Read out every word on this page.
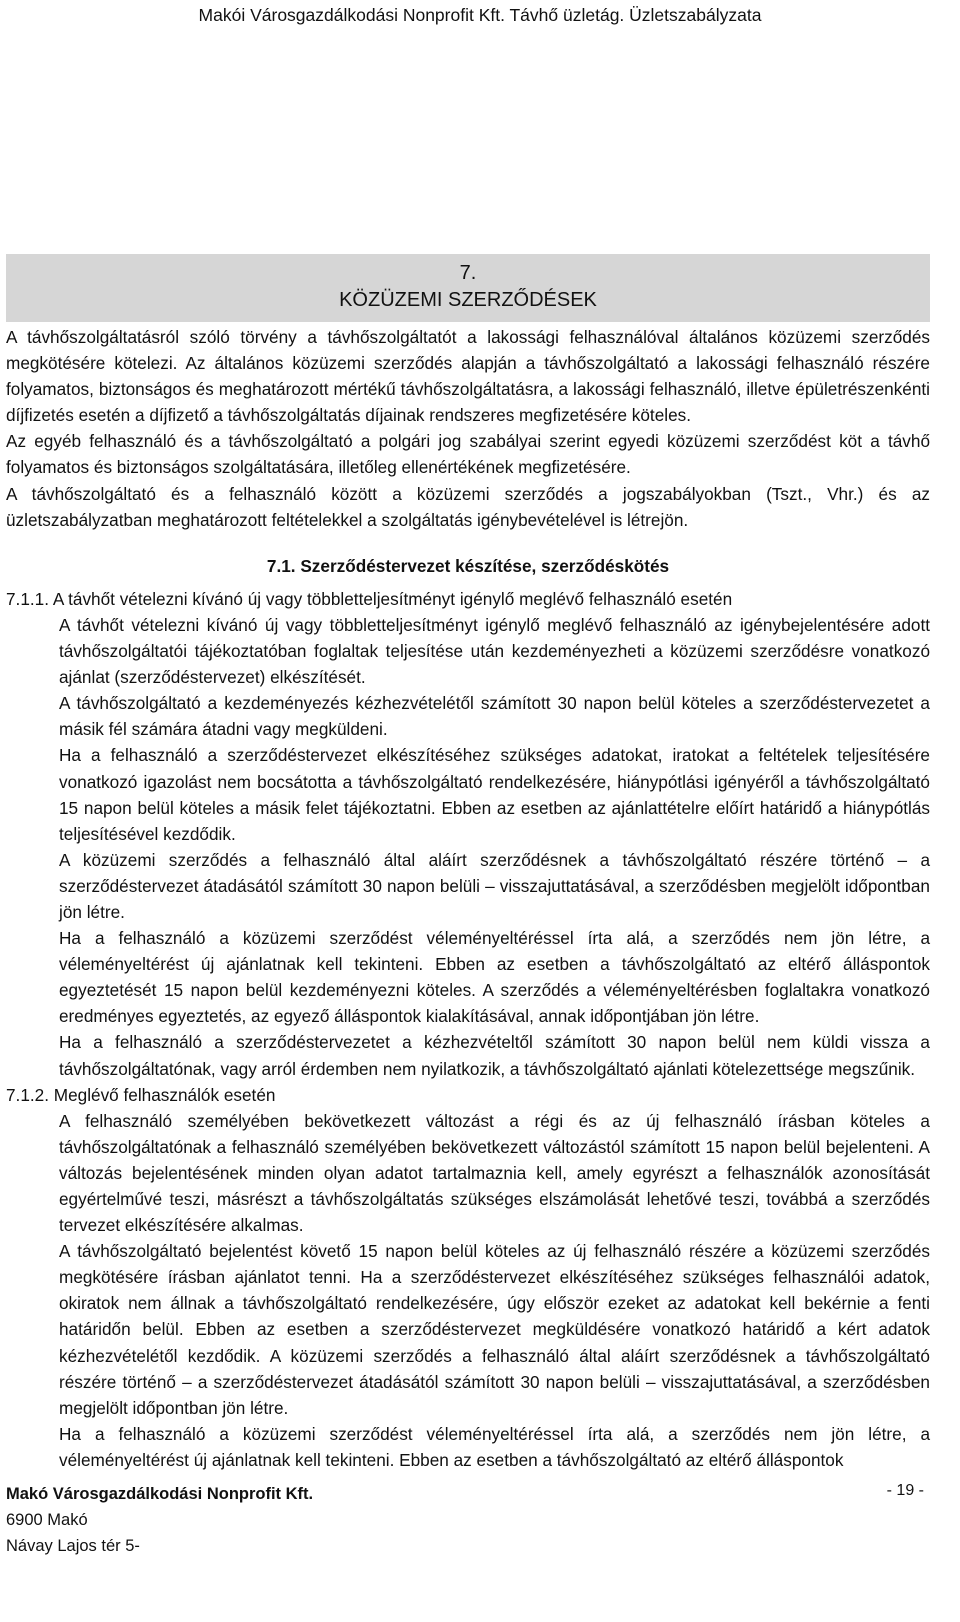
Makói Városgazdálkodási Nonprofit Kft. Távhő üzletág. Üzletszabályzata
7.
KÖZÜZEMI SZERZŐDÉSEK

A távhőszolgáltatásról szóló törvény a távhőszolgáltatót a lakossági felhasználóval általános közüzemi szerződés megkötésére kötelezi. Az általános közüzemi szerződés alapján a távhőszolgáltató a lakossági felhasználó részére folyamatos, biztonságos és meghatározott mértékű távhőszolgáltatásra, a lakossági felhasználó, illetve épületrészenkénti díjfizetés esetén a díjfizető a távhőszolgáltatás díjainak rendszeres megfizetésére köteles.

Az egyéb felhasználó és a távhőszolgáltató a polgári jog szabályai szerint egyedi közüzemi szerződést köt a távhő folyamatos és biztonságos szolgáltatására, illetőleg ellenértékének megfizetésére.

A távhőszolgáltató és a felhasználó között a közüzemi szerződés a jogszabályokban (Tszt., Vhr.) és az üzletszabályzatban meghatározott feltételekkel a szolgáltatás igénybevételével is létrejön.

7.1. Szerződéstervezet készítése, szerződéskötés

7.1.1. A távhőt vételezni kívánó új vagy többletteljesítményt igénylő meglévő felhasználó esetén

A távhőt vételezni kívánó új vagy többletteljesítményt igénylő meglévő felhasználó az igénybejelentésére adott távhőszolgáltatói tájékoztatóban foglaltak teljesítése után kezdeményezheti a közüzemi szerződésre vonatkozó ajánlat (szerződéstervezet) elkészítését.

A távhőszolgáltató a kezdeményezés kézhezvételétől számított 30 napon belül köteles a szerződéstervezetet a másik fél számára átadni vagy megküldeni.

Ha a felhasználó a szerződéstervezet elkészítéséhez szükséges adatokat, iratokat a feltételek teljesítésére vonatkozó igazolást nem bocsátotta a távhőszolgáltató rendelkezésére, hiánypótlási igényéről a távhőszolgáltató 15 napon belül köteles a másik felet tájékoztatni. Ebben az esetben az ajánlattételre előírt határidő a hiánypótlás teljesítésével kezdődik.

A közüzemi szerződés a felhasználó által aláírt szerződésnek a távhőszolgáltató részére történő – a szerződéstervezet átadásától számított 30 napon belüli – visszajuttatásával, a szerződésben megjelölt időpontban jön létre.

Ha a felhasználó a közüzemi szerződést véleményeltéréssel írta alá, a szerződés nem jön létre, a véleményeltérést új ajánlatnak kell tekinteni. Ebben az esetben a távhőszolgáltató az eltérő álláspontok egyeztetését 15 napon belül kezdeményezni köteles. A szerződés a véleményeltérésben foglaltakra vonatkozó eredményes egyeztetés, az egyező álláspontok kialakításával, annak időpontjában jön létre.

Ha a felhasználó a szerződéstervezetet a kézhezvételtől számított 30 napon belül nem küldi vissza a távhőszolgáltatónak, vagy arról érdemben nem nyilatkozik, a távhőszolgáltató ajánlati kötelezettsége megszűnik.

7.1.2. Meglévő felhasználók esetén

A felhasználó személyében bekövetkezett változást a régi és az új felhasználó írásban köteles a távhőszolgáltatónak a felhasználó személyében bekövetkezett változástól számított 15 napon belül bejelenteni. A változás bejelentésének minden olyan adatot tartalmaznia kell, amely egyrészt a felhasználók azonosítását egyértelművé teszi, másrészt a távhőszolgáltatás szükséges elszámolását lehetővé teszi, továbbá a szerződés tervezet elkészítésére alkalmas.

A távhőszolgáltató bejelentést követő 15 napon belül köteles az új felhasználó részére a közüzemi szerződés megkötésére írásban ajánlatot tenni. Ha a szerződéstervezet elkészítéséhez szükséges felhasználói adatok, okiratok nem állnak a távhőszolgáltató rendelkezésére, úgy először ezeket az adatokat kell bekérnie a fenti határidőn belül. Ebben az esetben a szerződéstervezet megküldésére vonatkozó határidő a kért adatok kézhezvételétől kezdődik. A közüzemi szerződés a felhasználó által aláírt szerződésnek a távhőszolgáltató részére történő – a szerződéstervezet átadásától számított 30 napon belüli – visszajuttatásával, a szerződésben megjelölt időpontban jön létre.

Ha a felhasználó a közüzemi szerződést véleményeltéréssel írta alá, a szerződés nem jön létre, a véleményeltérést új ajánlatnak kell tekinteni. Ebben az esetben a távhőszolgáltató az eltérő álláspontok

Makó Városgazdálkodási Nonprofit Kft.
6900 Makó
Návay Lajos tér 5-
- 19 -
